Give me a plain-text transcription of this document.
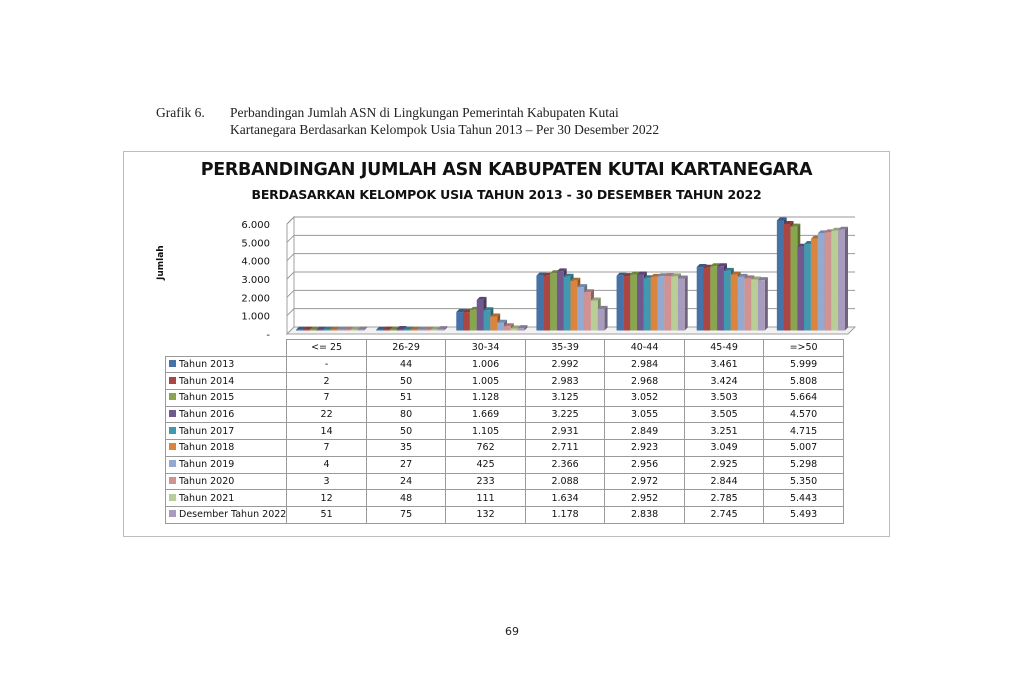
Grafik 6. Perbandingan Jumlah ASN di Lingkungan Pemerintah Kabupaten Kutai
Kartanegara Berdasarkan Kelompok Usia Tahun 2013 – Per 30 Desember 2022
PERBANDINGAN JUMLAH ASN KABUPATEN KUTAI KARTANEGARA
BERDASARKAN KELOMPOK USIA TAHUN 2013 - 30 DESEMBER TAHUN 2022
Jumlah
-
1.000
2.000
3.000
4.000
5.000
6.000
	<= 25	26-29	30-34	35-39	40-44	45-49	=>50
Tahun 2013	-	44	1.006	2.992	2.984	3.461	5.999
Tahun 2014	2	50	1.005	2.983	2.968	3.424	5.808
Tahun 2015	7	51	1.128	3.125	3.052	3.503	5.664
Tahun 2016	22	80	1.669	3.225	3.055	3.505	4.570
Tahun 2017	14	50	1.105	2.931	2.849	3.251	4.715
Tahun 2018	7	35	762	2.711	2.923	3.049	5.007
Tahun 2019	4	27	425	2.366	2.956	2.925	5.298
Tahun 2020	3	24	233	2.088	2.972	2.844	5.350
Tahun 2021	12	48	111	1.634	2.952	2.785	5.443
Desember Tahun 2022	51	75	132	1.178	2.838	2.745	5.493
69
